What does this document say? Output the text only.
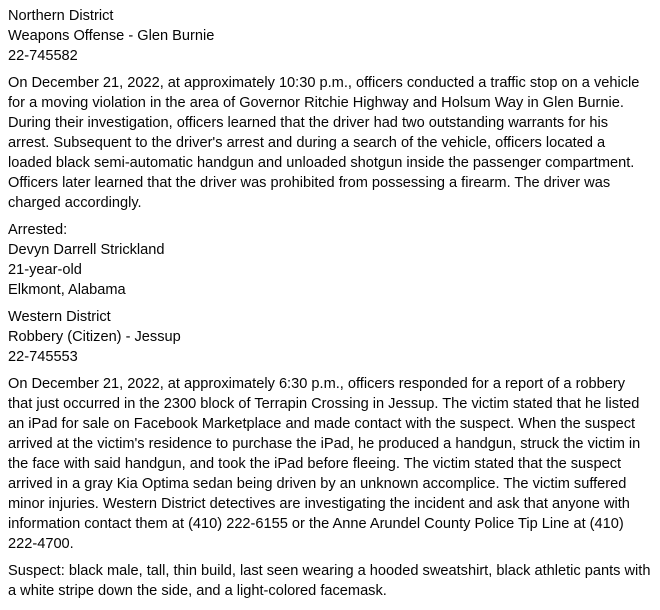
Northern District
Weapons Offense - Glen Burnie
22-745582

On December 21, 2022, at approximately 10:30 p.m., officers conducted a traffic stop on a vehicle for a moving violation in the area of Governor Ritchie Highway and Holsum Way in Glen Burnie. During their investigation, officers learned that the driver had two outstanding warrants for his arrest. Subsequent to the driver's arrest and during a search of the vehicle, officers located a loaded black semi-automatic handgun and unloaded shotgun inside the passenger compartment. Officers later learned that the driver was prohibited from possessing a firearm. The driver was charged accordingly.

Arrested:
Devyn Darrell Strickland
21-year-old
Elkmont, Alabama
Western District
Robbery (Citizen) - Jessup
22-745553

On December 21, 2022, at approximately 6:30 p.m., officers responded for a report of a robbery that just occurred in the 2300 block of Terrapin Crossing in Jessup. The victim stated that he listed an iPad for sale on Facebook Marketplace and made contact with the suspect. When the suspect arrived at the victim's residence to purchase the iPad, he produced a handgun, struck the victim in the face with said handgun, and took the iPad before fleeing. The victim stated that the suspect arrived in a gray Kia Optima sedan being driven by an unknown accomplice. The victim suffered minor injuries. Western District detectives are investigating the incident and ask that anyone with information contact them at (410) 222-6155 or the Anne Arundel County Police Tip Line at (410) 222-4700.

Suspect: black male, tall, thin build, last seen wearing a hooded sweatshirt, black athletic pants with a white stripe down the side, and a light-colored facemask.
